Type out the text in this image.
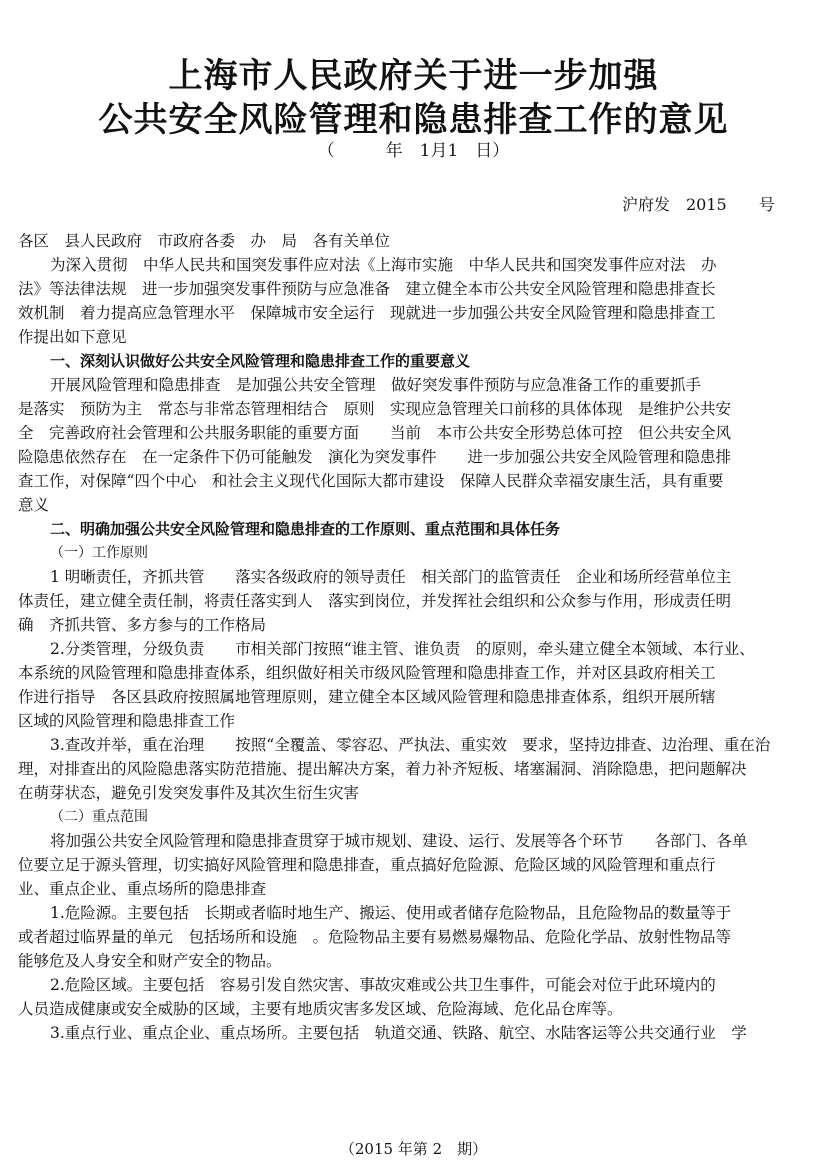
上海市人民政府关于进一步加强
公共安全风险管理和隐患排查工作的意见
（　　　年　1月1　日）
沪府发　2015　　号
各区　县人民政府　市政府各委　办　局　各有关单位
为深入贯彻　中华人民共和国突发事件应对法《上海市实施　中华人民共和国突发事件应对法　办
法》等法律法规　进一步加强突发事件预防与应急准备　建立健全本市公共安全风险管理和隐患排查长
效机制　着力提高应急管理水平　保障城市安全运行　现就进一步加强公共安全风险管理和隐患排查工
作提出如下意见
一、深刻认识做好公共安全风险管理和隐患排查工作的重要意义
开展风险管理和隐患排查　是加强公共安全管理　做好突发事件预防与应急准备工作的重要抓手
是落实　预防为主　常态与非常态管理相结合　原则　实现应急管理关口前移的具体体现　是维护公共安
全　完善政府社会管理和公共服务职能的重要方面　　当前　本市公共安全形势总体可控　但公共安全风
险隐患依然存在　在一定条件下仍可能触发　演化为突发事件　　进一步加强公共安全风险管理和隐患排
查工作，对保障“四个中心　和社会主义现代化国际大都市建设　保障人民群众幸福安康生活，具有重要
意义
二、明确加强公共安全风险管理和隐患排查的工作原则、重点范围和具体任务
（一）工作原则
1 明晰责任，齐抓共管　　落实各级政府的领导责任　相关部门的监管责任　企业和场所经营单位主
体责任，建立健全责任制，将责任落实到人　落实到岗位，并发挥社会组织和公众参与作用，形成责任明
确　齐抓共管、多方参与的工作格局
2.分类管理，分级负责　　市相关部门按照“谁主管、谁负责　的原则，牵头建立健全本领域、本行业、
本系统的风险管理和隐患排查体系，组织做好相关市级风险管理和隐患排查工作，并对区县政府相关工
作进行指导　各区县政府按照属地管理原则，建立健全本区域风险管理和隐患排查体系，组织开展所辖
区域的风险管理和隐患排查工作
3.查改并举，重在治理　　按照“全覆盖、零容忍、严执法、重实效　要求，坚持边排查、边治理、重在治
理，对排查出的风险隐患落实防范措施、提出解决方案，着力补齐短板、堵塞漏洞、消除隐患，把问题解决
在萌芽状态，避免引发突发事件及其次生衍生灾害
（二）重点范围
将加强公共安全风险管理和隐患排查贯穿于城市规划、建设、运行、发展等各个环节　　各部门、各单
位要立足于源头管理，切实搞好风险管理和隐患排查，重点搞好危险源、危险区域的风险管理和重点行
业、重点企业、重点场所的隐患排查
1.危险源。主要包括　长期或者临时地生产、搬运、使用或者储存危险物品，且危险物品的数量等于
或者超过临界量的单元　包括场所和设施　。危险物品主要有易燃易爆物品、危险化学品、放射性物品等
能够危及人身安全和财产安全的物品。
2.危险区域。主要包括　容易引发自然灾害、事故灾难或公共卫生事件，可能会对位于此环境内的
人员造成健康或安全威胁的区域，主要有地质灾害多发区域、危险海域、危化品仓库等。
3.重点行业、重点企业、重点场所。主要包括　轨道交通、铁路、航空、水陆客运等公共交通行业　学
（2015 年第 2　期）
